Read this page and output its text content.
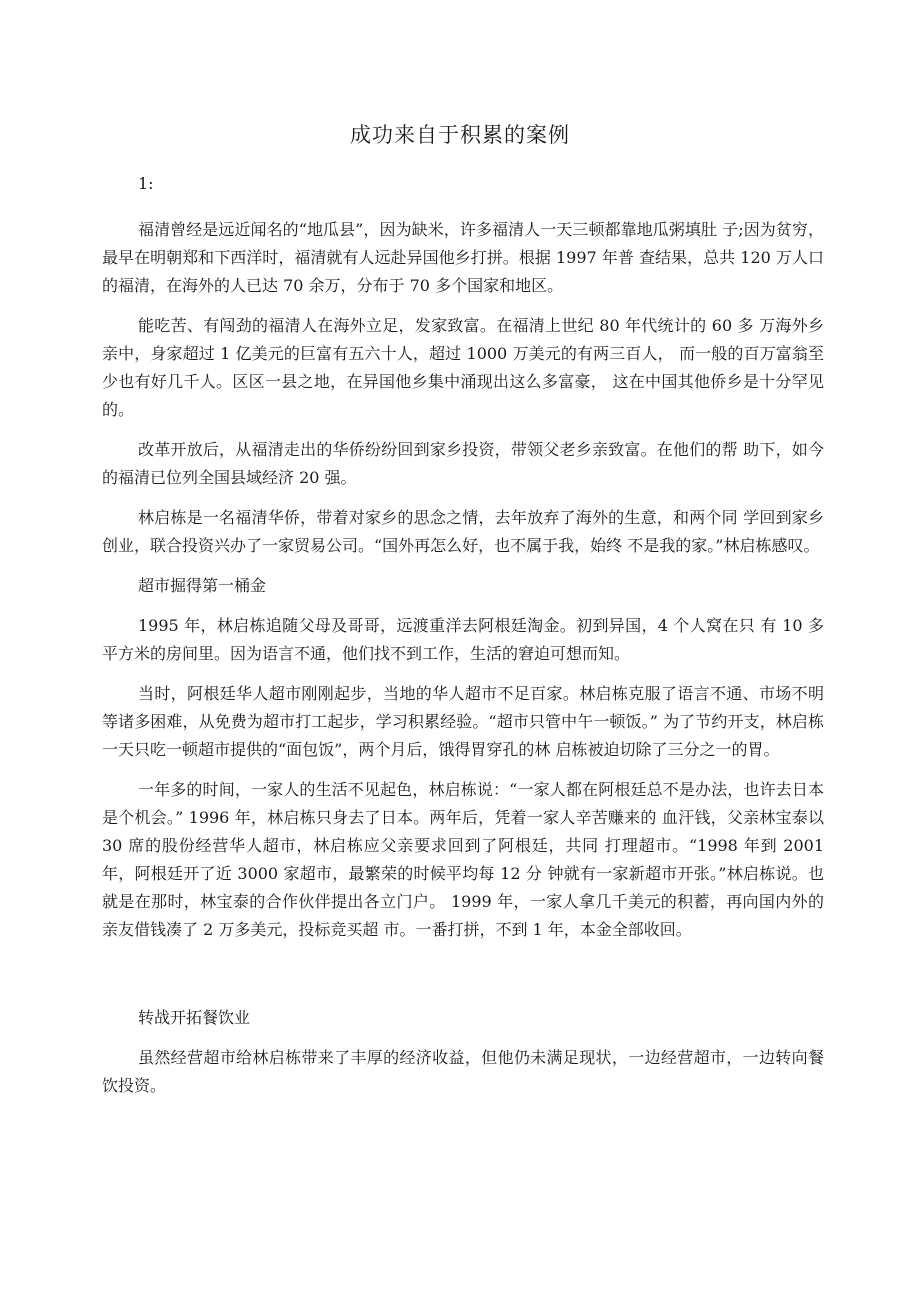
成功来自于积累的案例

1:

福清曾经是远近闻名的“地瓜县”，因为缺米，许多福清人一天三顿都靠地瓜粥填肚 子;因为贫穷，最早在明朝郑和下西洋时，福清就有人远赴异国他乡打拼。根据 1997 年普 查结果，总共 120 万人口的福清，在海外的人已达 70 余万，分布于 70 多个国家和地区。

能吃苦、有闯劲的福清人在海外立足，发家致富。在福清上世纪 80 年代统计的 60 多 万海外乡亲中，身家超过 1 亿美元的巨富有五六十人，超过 1000 万美元的有两三百人， 而一般的百万富翁至少也有好几千人。区区一县之地，在异国他乡集中涌现出这么多富豪， 这在中国其他侨乡是十分罕见的。

改革开放后，从福清走出的华侨纷纷回到家乡投资，带领父老乡亲致富。在他们的帮 助下，如今的福清已位列全国县域经济 20 强。

林启栋是一名福清华侨，带着对家乡的思念之情，去年放弃了海外的生意，和两个同 学回到家乡创业，联合投资兴办了一家贸易公司。“国外再怎么好，也不属于我，始终 不是我的家。”林启栋感叹。

超市掘得第一桶金

1995 年，林启栋追随父母及哥哥，远渡重洋去阿根廷淘金。初到异国，4 个人窝在只 有 10 多平方米的房间里。因为语言不通，他们找不到工作，生活的窘迫可想而知。

当时，阿根廷华人超市刚刚起步，当地的华人超市不足百家。林启栋克服了语言不通、市场不明等诸多困难，从免费为超市打工起步，学习积累经验。“超市只管中午一顿饭。” 为了节约开支，林启栋一天只吃一顿超市提供的“面包饭”，两个月后，饿得胃穿孔的林 启栋被迫切除了三分之一的胃。

一年多的时间，一家人的生活不见起色，林启栋说：“一家人都在阿根廷总不是办法，也许去日本是个机会。” 1996 年，林启栋只身去了日本。两年后，凭着一家人辛苦赚来的 血汗钱，父亲林宝泰以 30 席的股份经营华人超市，林启栋应父亲要求回到了阿根廷，共同 打理超市。“1998 年到 2001 年，阿根廷开了近 3000 家超市，最繁荣的时候平均每 12 分 钟就有一家新超市开张。”林启栋说。也就是在那时，林宝泰的合作伙伴提出各立门户。 1999 年，一家人拿几千美元的积蓄，再向国内外的亲友借钱凑了 2 万多美元，投标竞买超 市。一番打拼，不到 1 年，本金全部收回。

转战开拓餐饮业

虽然经营超市给林启栋带来了丰厚的经济收益，但他仍未满足现状，一边经营超市，一边转向餐饮投资。
